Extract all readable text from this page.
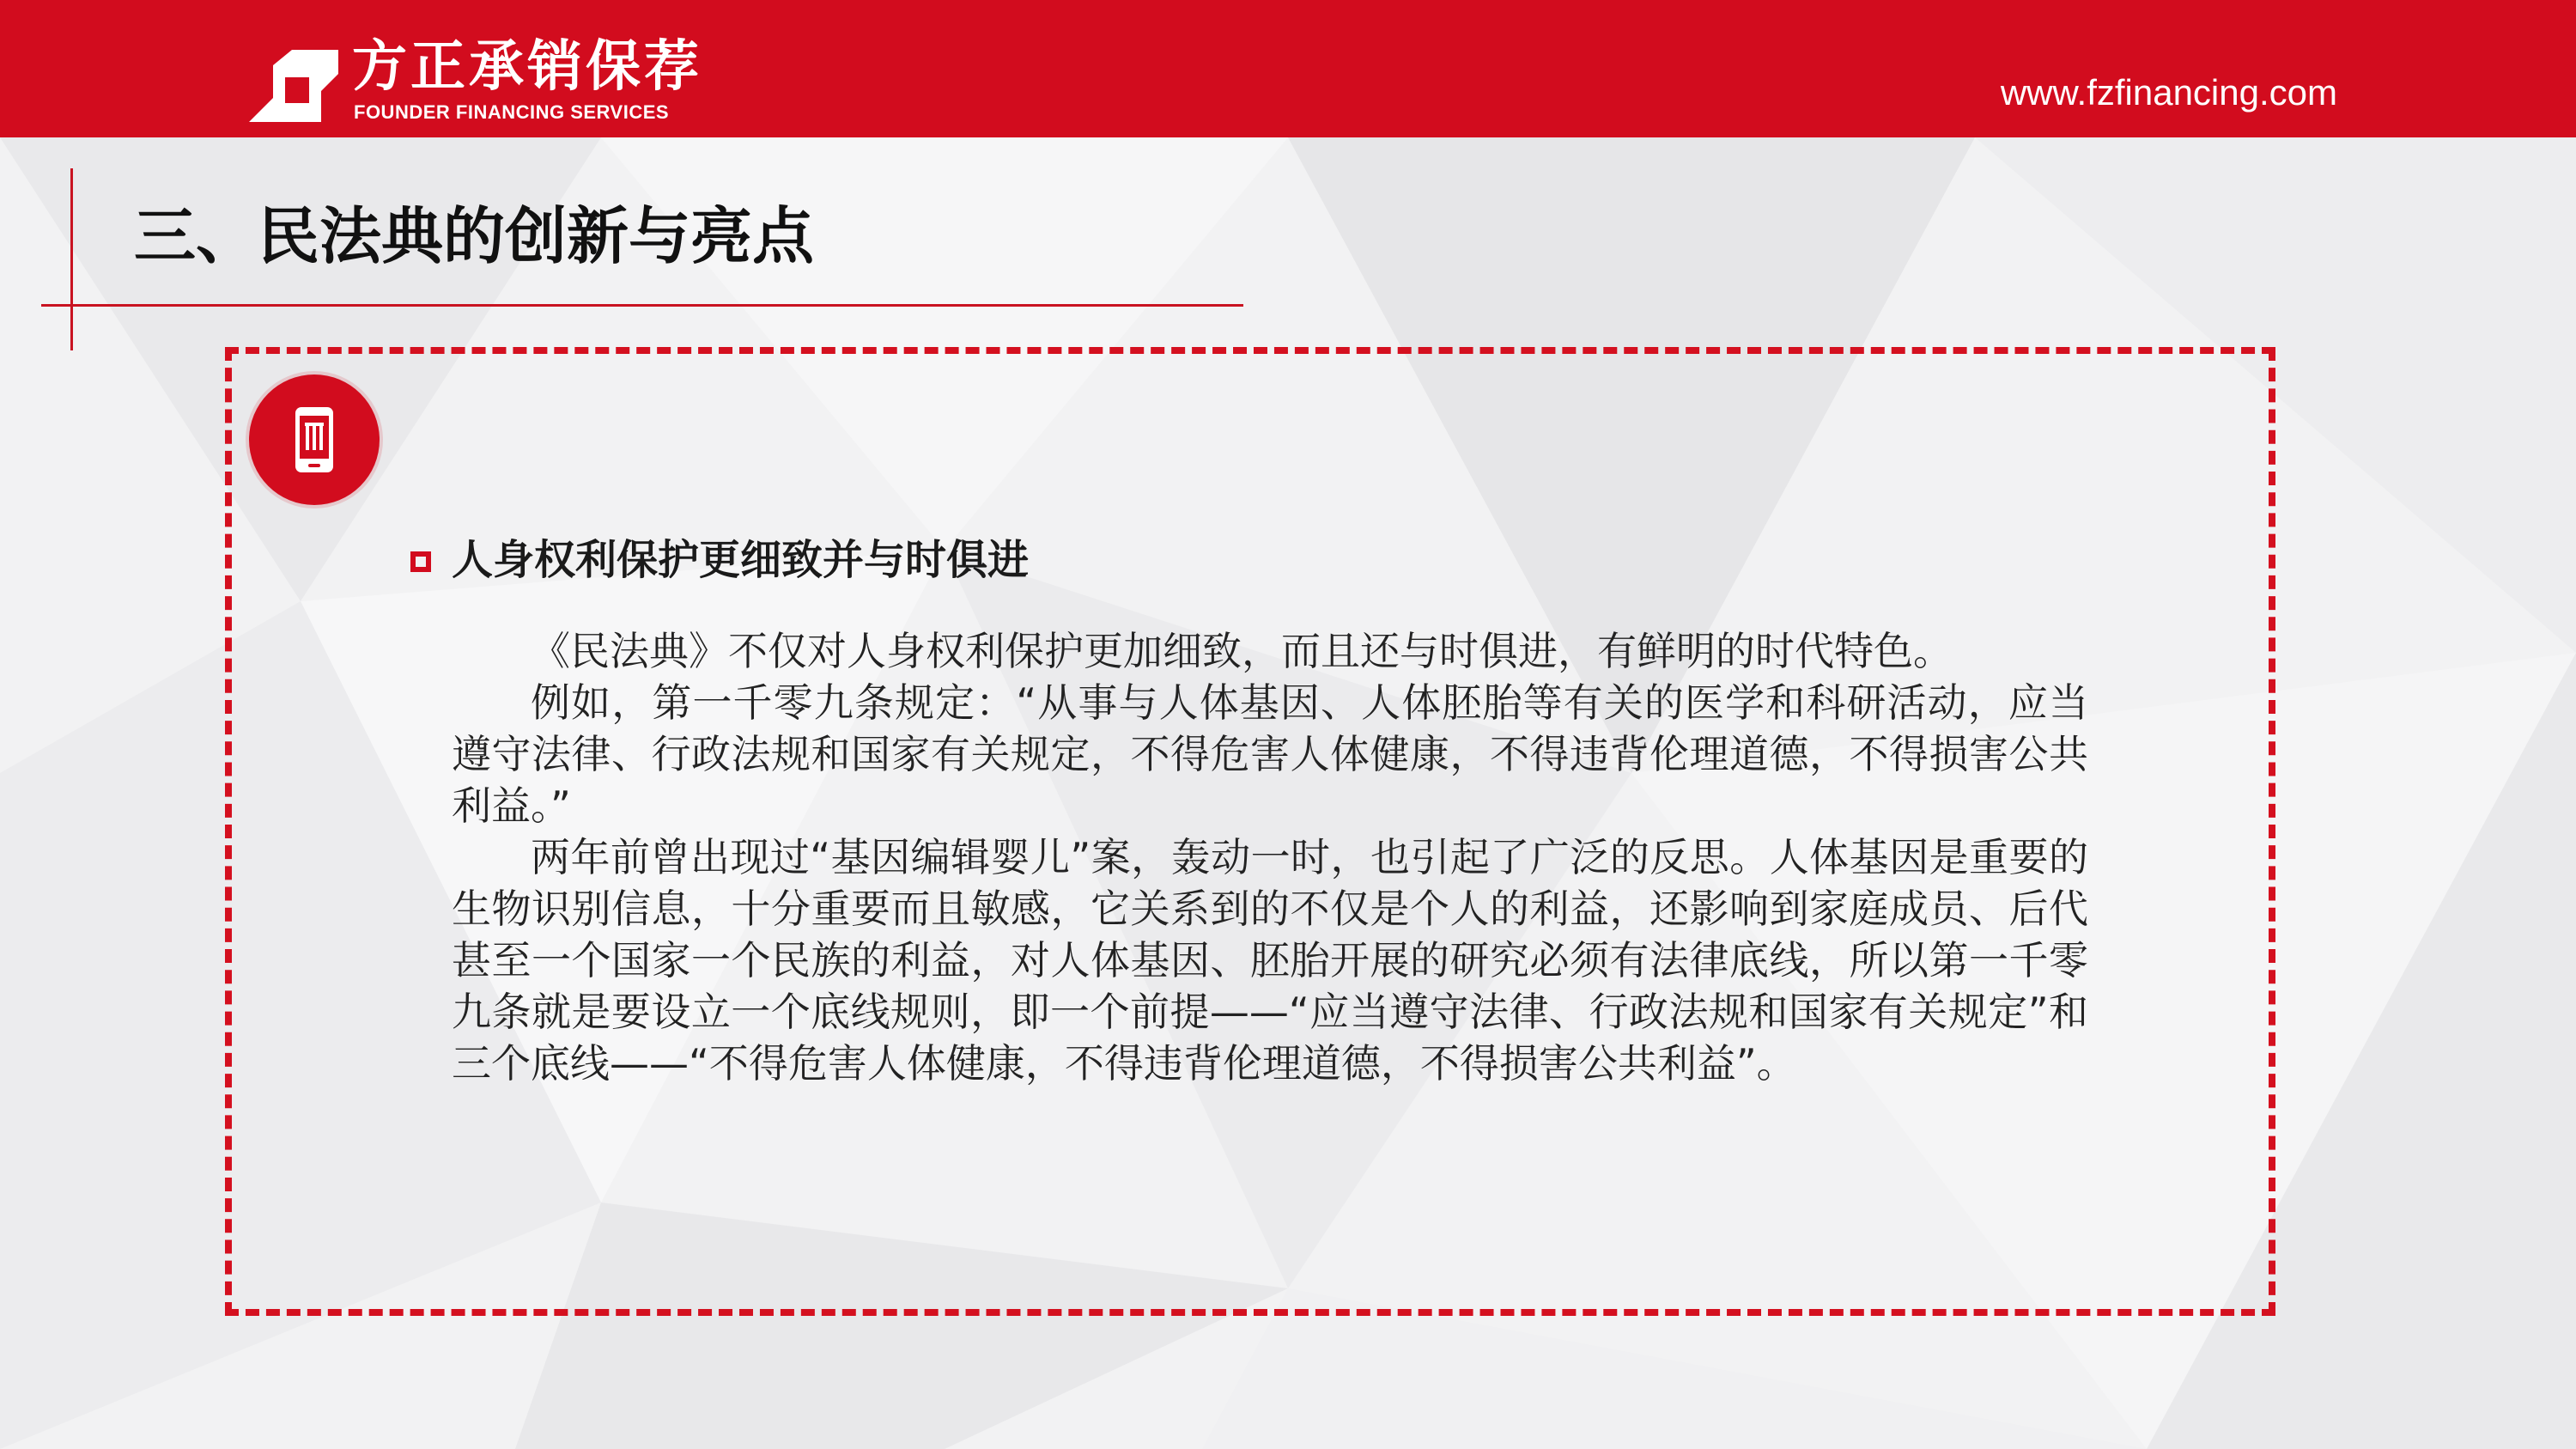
方正承销保荐
FOUNDER FINANCING SERVICES	www.fzfinancing.com
三、民法典的创新与亮点
人身权利保护更细致并与时俱进

《民法典》不仅对人身权利保护更加细致，而且还与时俱进，有鲜明的时代特色。

例如，第一千零九条规定：“从事与人体基因、人体胚胎等有关的医学和科研活动，应当遵守法律、行政法规和国家有关规定，不得危害人体健康，不得违背伦理道德，不得损害公共利益。”

两年前曾出现过“基因编辑婴儿”案，轰动一时，也引起了广泛的反思。人体基因是重要的生物识别信息，十分重要而且敏感，它关系到的不仅是个人的利益，还影响到家庭成员、后代甚至一个国家一个民族的利益，对人体基因、胚胎开展的研究必须有法律底线，所以第一千零九条就是要设立一个底线规则，即一个前提——“应当遵守法律、行政法规和国家有关规定”和三个底线——“不得危害人体健康，不得违背伦理道德，不得损害公共利益”。
